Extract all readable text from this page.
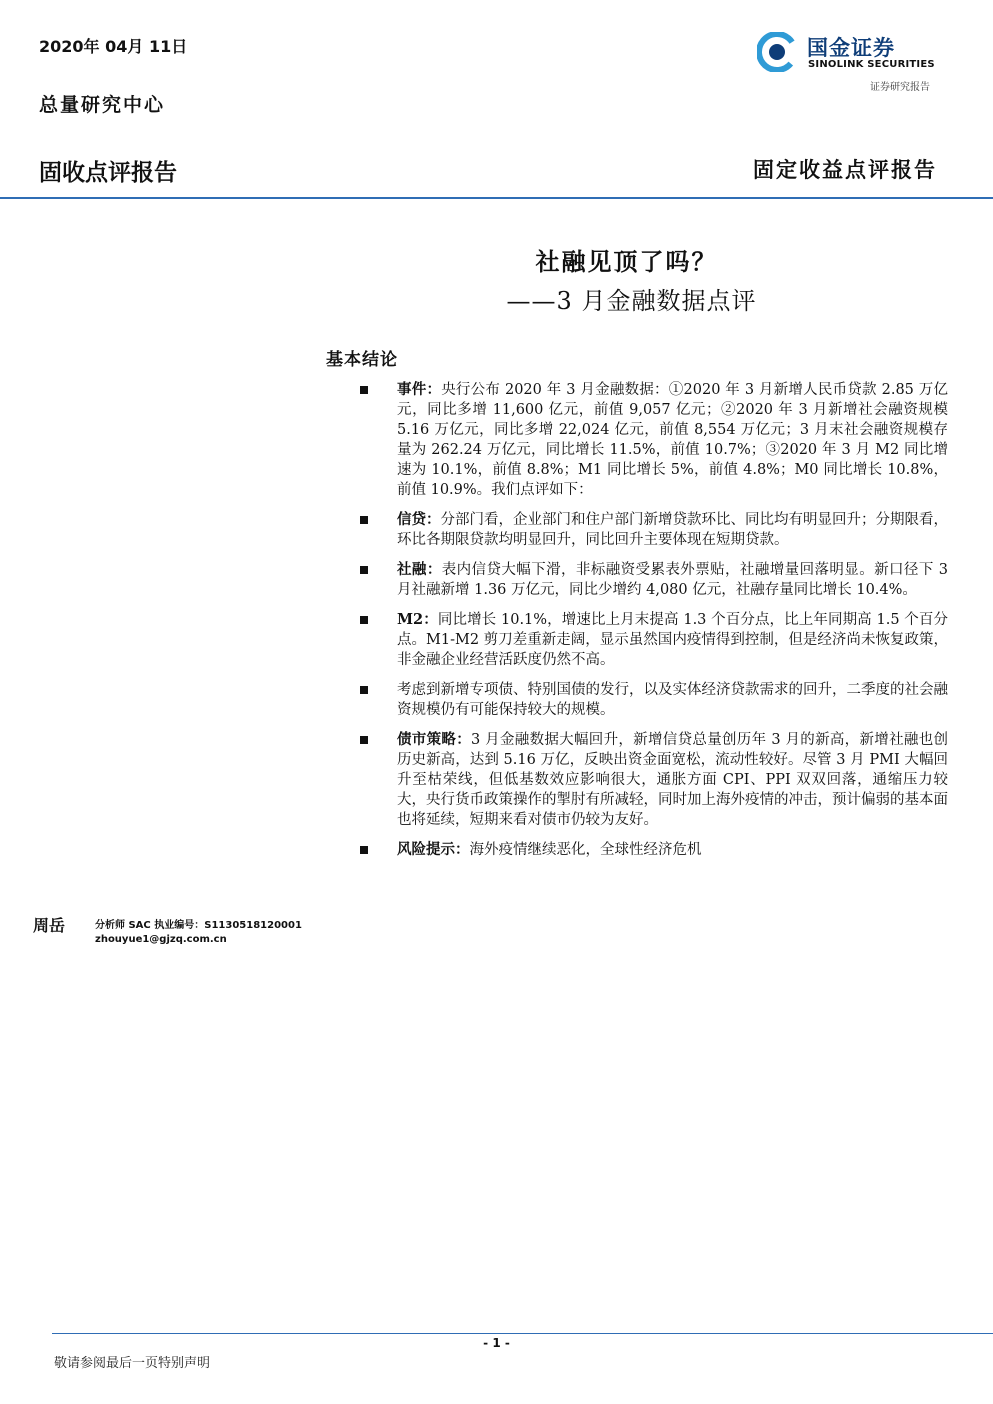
2020年 04月 11日
总量研究中心
国金证券
SINOLINK SECURITIES
证券研究报告
固收点评报告	固定收益点评报告
社融见顶了吗？
——3 月金融数据点评
基本结论
事件：央行公布 2020 年 3 月金融数据：①2020 年 3 月新增人民币贷款 2.85 万亿元，同比多增 11,600 亿元，前值 9,057 亿元；②2020 年 3 月新增社会融资规模 5.16 万亿元，同比多增 22,024 亿元，前值 8,554 万亿元；3 月末社会融资规模存量为 262.24 万亿元，同比增长 11.5%，前值 10.7%；③2020 年 3 月 M2 同比增速为 10.1%，前值 8.8%；M1 同比增长 5%，前值 4.8%；M0 同比增长 10.8%，前值 10.9%。我们点评如下：
信贷：分部门看，企业部门和住户部门新增贷款环比、同比均有明显回升；分期限看，环比各期限贷款均明显回升，同比回升主要体现在短期贷款。
社融：表内信贷大幅下滑，非标融资受累表外票贴，社融增量回落明显。新口径下 3 月社融新增 1.36 万亿元，同比少增约 4,080 亿元，社融存量同比增长 10.4%。
M2：同比增长 10.1%，增速比上月末提高 1.3 个百分点，比上年同期高 1.5 个百分点。M1-M2 剪刀差重新走阔，显示虽然国内疫情得到控制，但是经济尚未恢复政策，非金融企业经营活跃度仍然不高。
考虑到新增专项债、特别国债的发行，以及实体经济贷款需求的回升，二季度的社会融资规模仍有可能保持较大的规模。
债市策略：3 月金融数据大幅回升，新增信贷总量创历年 3 月的新高，新增社融也创历史新高，达到 5.16 万亿，反映出资金面宽松，流动性较好。尽管 3 月 PMI 大幅回升至枯荣线，但低基数效应影响很大，通胀方面 CPI、PPI 双双回落，通缩压力较大，央行货币政策操作的掣肘有所减轻，同时加上海外疫情的冲击，预计偏弱的基本面也将延续，短期来看对债市仍较为友好。
风险提示：海外疫情继续恶化，全球性经济危机
周岳	分析师 SAC 执业编号：S1130518120001
zhouyue1@gjzq.com.cn
- 1 -
敬请参阅最后一页特别声明
